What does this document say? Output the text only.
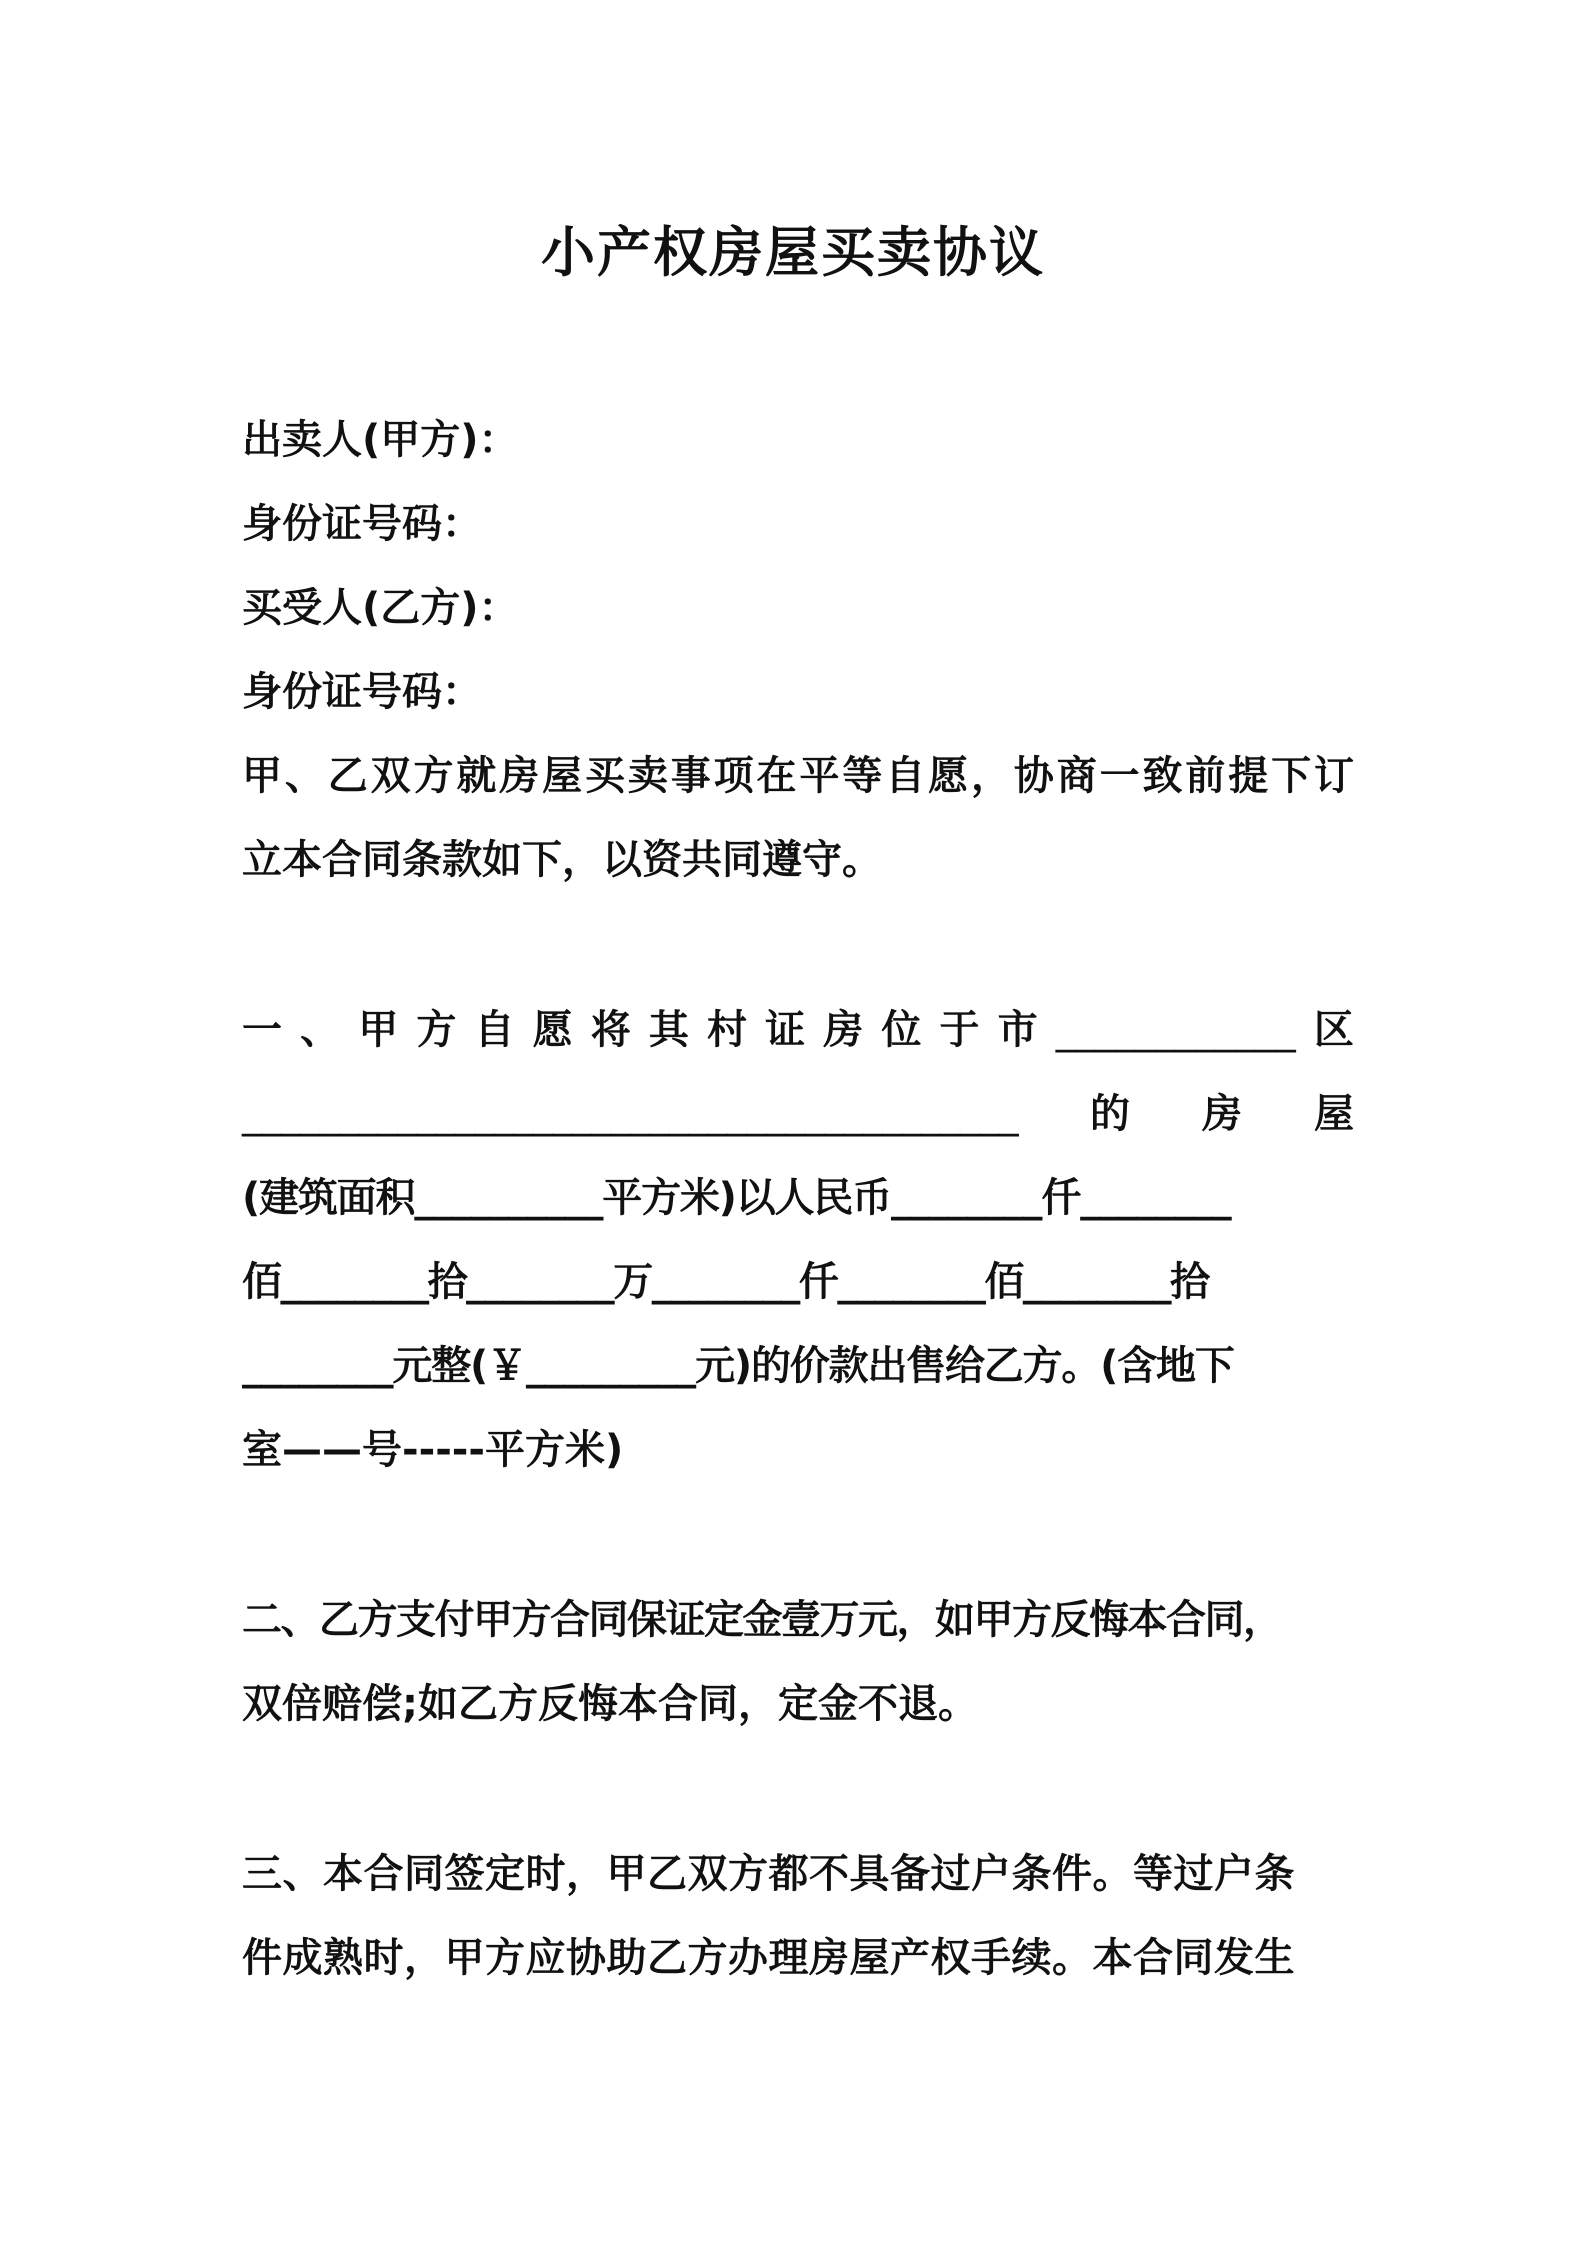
小产权房屋买卖协议
出卖人(甲方)：
身份证号码：
买受人(乙方)：
身份证号码：
甲、乙双方就房屋买卖事项在平等自愿，协商一致前提下订
立本合同条款如下，以资共同遵守。
一 、 甲 方 自 愿 将 其 村 证 房 位 于 市 ____________ 区
________________________________________ 的 房 屋
(建筑面积__________平方米)以人民币________仟________
佰________拾________万________仟________佰________拾
________元整(￥_________元)的价款出售给乙方。(含地下
室——号-----平方米)
二、乙方支付甲方合同保证定金壹万元，如甲方反悔本合同，
双倍赔偿;如乙方反悔本合同，定金不退。
三、本合同签定时，甲乙双方都不具备过户条件。等过户条
件成熟时，甲方应协助乙方办理房屋产权手续。本合同发生
